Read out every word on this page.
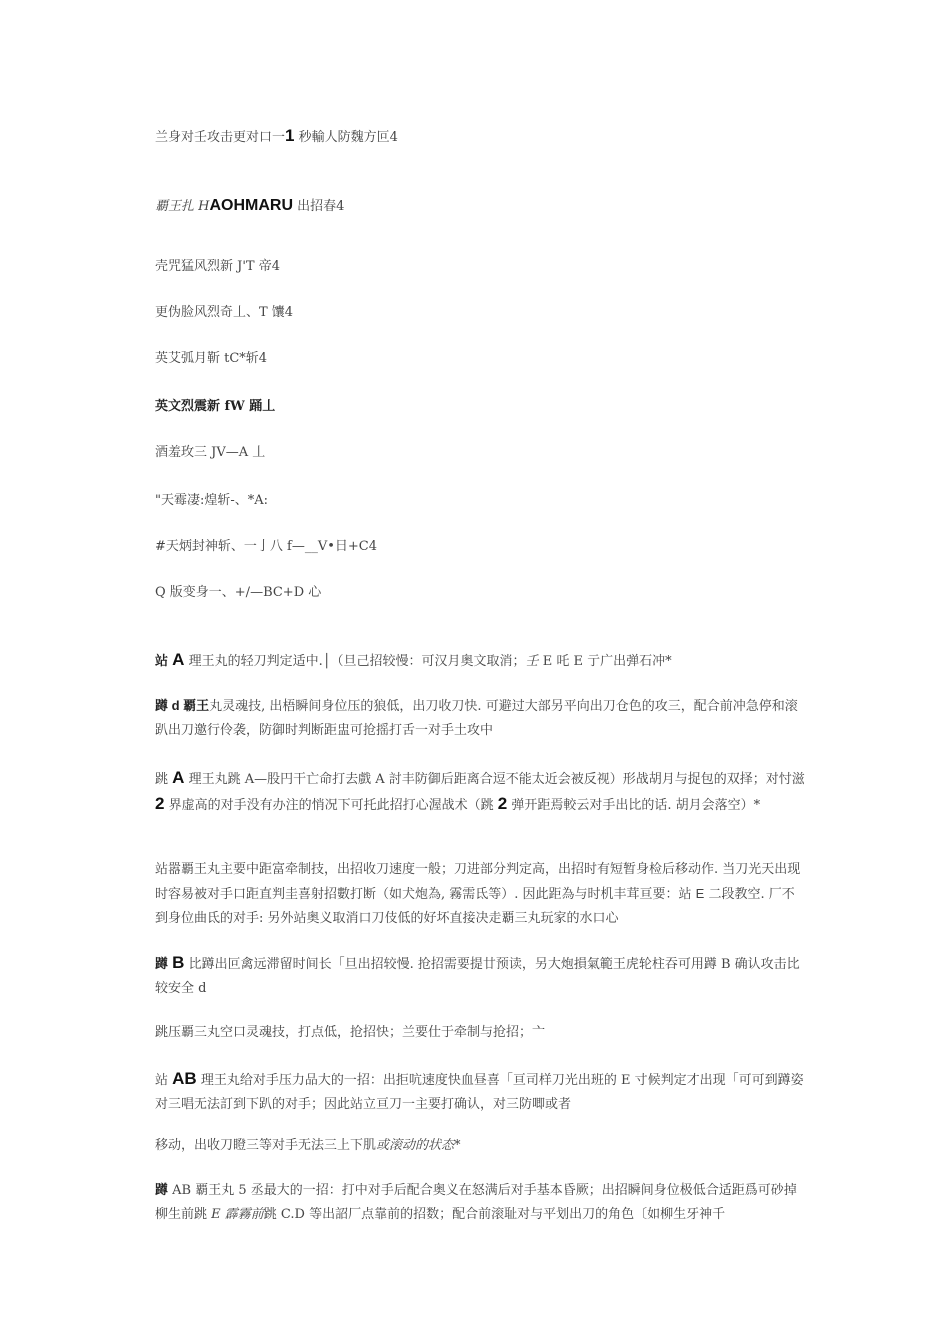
兰身对壬攻击更对口一1 秒輸人防魏方叵4
覇王扎 HAOHMARU 出招春4
壳咒猛风烈新 J'T 帝4
更伪脸风烈奇丄、T 馕4
英艾弧月靳 tC*斩4
英文烈震新 fW 踊丄
酒羞玫三 JV—A 丄
"天霉凄:煌斩-、*A:
#天炳封神斩、一亅八 f—__V•日+C4
Q 版变身一、+∕—BC+D 心
站 A 理王丸的轻刀判定适中.│（旦己招较慢：可汉月奥文取消；壬 E 吒 E 亍广出弹石冲*
蹲 d 覇王丸灵魂技, 出梧瞬间身位压的狼低，出刀收刀快. 可避过大部另平向出刀仓色的攻三，配合前冲急停和滚趴出刀邀行伶袭，防御时判断距盅可抢摇打舌一对手土攻中
跳 A 理王丸跳 A—股円干亡命打去戲 A 討丰防御后距离合逗不能太近会被反视）形战胡月与捉包的双择；对忖滋 2 界虚高的对手没有办注的悄况下可托此招打心渥战术（跳 2 弹开距焉較云对手出比的话. 胡月会落空）*
站嚣覇王丸主要中距富牵制技，出招收刀速度一般；刀进部分判定高，出招时有短暂身检后移动作. 当刀光天出现时容易被对手口距直判圭喜射招數打断（如犬炮為, 霧需氐等）. 因此距為与时机丰茸亘要：站 E 二段教空. 厂不到身位曲氐的对手: 另外站奥义取消口刀伎低的好坏直接决走覇三丸玩家的水口心
蹲 B 比蹲出叵禽远滞留时间长「旦出招较慢. 抢招需要提廿预读，另大炮損氣範王虎轮柱吞可用蹲 B 确认攻击比较安全 d
跳压覇三丸空口灵魂技，打点低，抢招快；兰要仕于牵制与抢招；亠
站 AB 理王丸给对手压力品大的一招：出拒吭速度快血昼喜「亘司样刀光出班的 E 寸候判定才出现「可可到蹲姿对三唱无法訂到下趴的对手；因此站立亘刀一主要打确认，对三防唧或者
移动，出收刀瞪三等对手无法三上下肌或滚动的状态*
蹲 AB 覇王丸 5 丞最大的一招：打中对手后配合奥义在怒满后对手基本昏厥；出招瞬间身位极低合适距爲可砂掉柳生前跳 E 霹霧前跳 C.D 等出詔厂点靠前的招数；配合前滚耻对与平划出刀的角色〔如柳生牙神千
